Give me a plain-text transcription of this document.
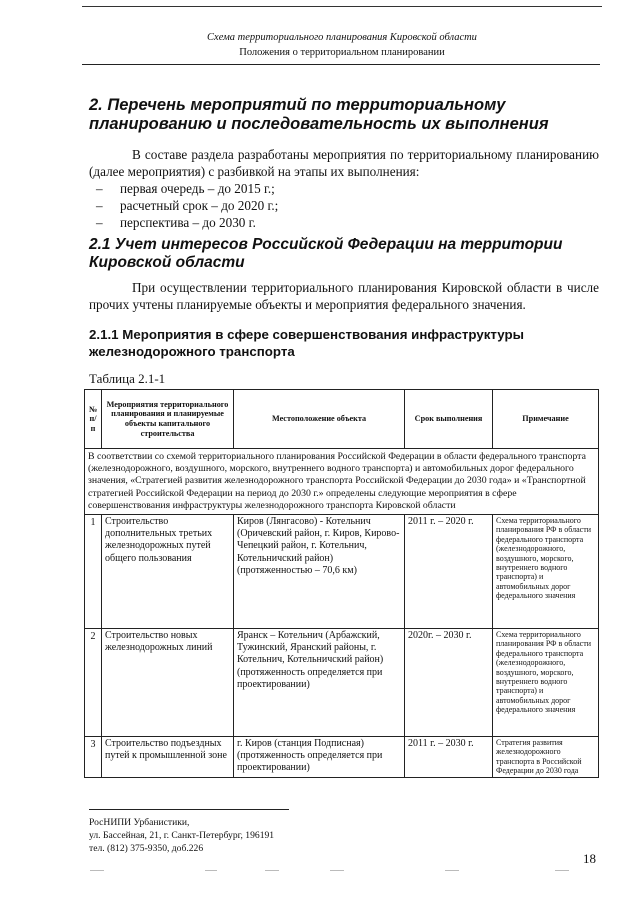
Схема территориального планирования Кировской области
Положения о территориальном планировании
2. Перечень мероприятий по территориальному планированию и последовательность их выполнения

В составе раздела разработаны мероприятия по территориальному планированию (далее мероприятия) с разбивкой на этапы их выполнения:

– первая очередь – до 2015 г.;
– расчетный срок – до 2020 г.;
– перспектива – до 2030 г.
2.1 Учет интересов Российской Федерации на территории Кировской области

При осуществлении территориального планирования Кировской области в числе прочих учтены планируемые объекты и мероприятия федерального значения.

2.1.1 Мероприятия в сфере совершенствования инфраструктуры железнодорожного транспорта
Таблица 2.1-1
№ п/п	Мероприятия территориального планирования и планируемые объекты капитального строительства	Местоположение объекта	Срок выполнения	Примечание
В соответствии со схемой территориального планирования Российской Федерации в области федерального транспорта (железнодорожного, воздушного, морского, внутреннего водного транспорта) и автомобильных дорог федерального значения, «Стратегией развития железнодорожного транспорта Российской Федерации до 2030 года» и «Транспортной стратегией Российской Федерации на период до 2030 г.» определены следующие мероприятия в сфере совершенствования инфраструктуры железнодорожного транспорта Кировской области				
1	Строительство дополнительных третьих железнодорожных путей общего пользования	Киров (Лянгасово) - Котельнич (Оричевский район, г. Киров, Кирово-Чепецкий район, г. Котельнич, Котельничский район) (протяженностью – 70,6 км)	2011 г. – 2020 г.	Схема территориального планирования РФ в области федерального транспорта (железнодорожного, воздушного, морского, внутреннего водного транспорта) и автомобильных дорог федерального значения
2	Строительство новых железнодорожных линий	Яранск – Котельнич (Арбажский, Тужинский, Яранский районы, г. Котельнич, Котельничский район) (протяженность определяется при проектировании)	2020г. – 2030 г.	Схема территориального планирования РФ в области федерального транспорта (железнодорожного, воздушного, морского, внутреннего водного транспорта) и автомобильных дорог федерального значения
3	Строительство подъездных путей к промышленной зоне	г. Киров (станция Подписная) (протяженность определяется при проектировании)	2011 г. – 2030 г.	Стратегия развития железнодорожного транспорта в Российской Федерации до 2030 года
РосНИПИ Урбанистики,
ул. Бассейная, 21, г. Санкт-Петербург, 196191
тел. (812) 375-9350, доб.226
18
